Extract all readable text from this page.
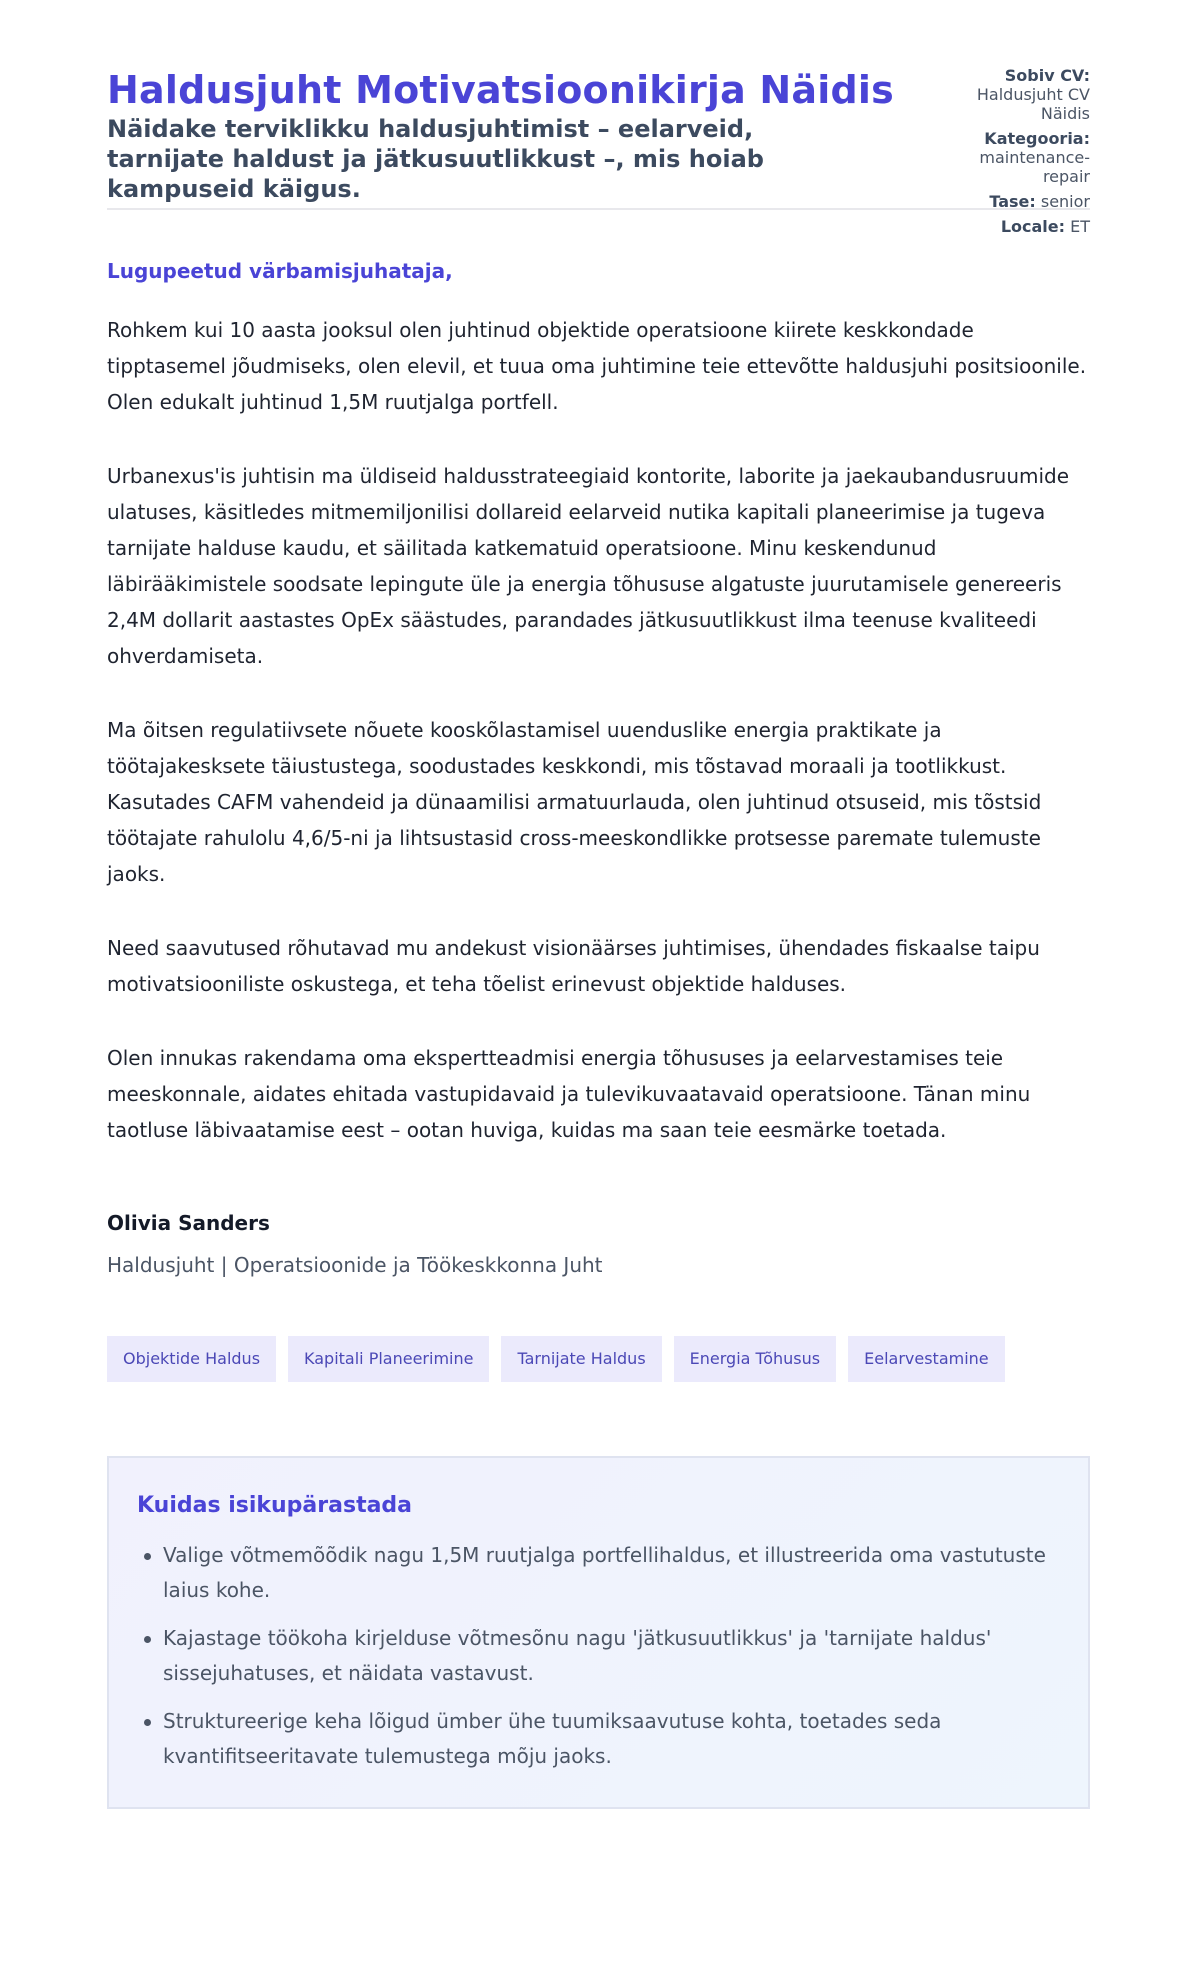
Haldusjuht Motivatsioonikirja Näidis

Näidake terviklikku haldusjuhtimist – eelarveid, tarnijate haldust ja jätkusuutlikkust –, mis hoiab kampuseid käigus.

Sobiv CV:
Haldusjuht CV Näidis
Kategooria:
maintenance-repair
Tase: senior
Locale: ET
Lugupeetud värbamisjuhataja,

Rohkem kui 10 aasta jooksul olen juhtinud objektide operatsioone kiirete keskkondade tipptasemel jõudmiseks, olen elevil, et tuua oma juhtimine teie ettevõtte haldusjuhi positsioonile. Olen edukalt juhtinud 1,5M ruutjalga portfell.

Urbanexus'is juhtisin ma üldiseid haldusstrateegiaid kontorite, laborite ja jaekaubandusruumide ulatuses, käsitledes mitmemiljonilisi dollareid eelarveid nutika kapitali planeerimise ja tugeva tarnijate halduse kaudu, et säilitada katkematuid operatsioone. Minu keskendunud läbirääkimistele soodsate lepingute üle ja energia tõhususe algatuste juurutamisele genereeris 2,4M dollarit aastastes OpEx säästudes, parandades jätkusuutlikkust ilma teenuse kvaliteedi ohverdamiseta.

Ma õitsen regulatiivsete nõuete kooskõlastamisel uuenduslike energia praktikate ja töötajakesksete täiustustega, soodustades keskkondi, mis tõstavad moraali ja tootlikkust. Kasutades CAFM vahendeid ja dünaamilisi armatuurlauda, olen juhtinud otsuseid, mis tõstsid töötajate rahulolu 4,6/5-ni ja lihtsustasid cross-meeskondlikke protsesse paremate tulemuste jaoks.

Need saavutused rõhutavad mu andekust visionäärses juhtimises, ühendades fiskaalse taipu motivatsiooniliste oskustega, et teha tõelist erinevust objektide halduses.

Olen innukas rakendama oma ekspertteadmisi energia tõhususes ja eelarvestamises teie meeskonnale, aidates ehitada vastupidavaid ja tulevikuvaatavaid operatsioone. Tänan minu taotluse läbivaatamise eest – ootan huviga, kuidas ma saan teie eesmärke toetada.

Olivia Sanders
Haldusjuht | Operatsioonide ja Töökeskkonna Juht
Objektide Haldus	Kapitali Planeerimine	Tarnijate Haldus	Energia Tõhusus	Eelarvestamine
Kuidas isikupärastada
Valige võtmemõõdik nagu 1,5M ruutjalga portfellihaldus, et illustreerida oma vastutuste laius kohe.
Kajastage töökoha kirjelduse võtmesõnu nagu 'jätkusuutlikkus' ja 'tarnijate haldus' sissejuhatuses, et näidata vastavust.
Struktureerige keha lõigud ümber ühe tuumiksaavutuse kohta, toetades seda kvantifitseeritavate tulemustega mõju jaoks.
